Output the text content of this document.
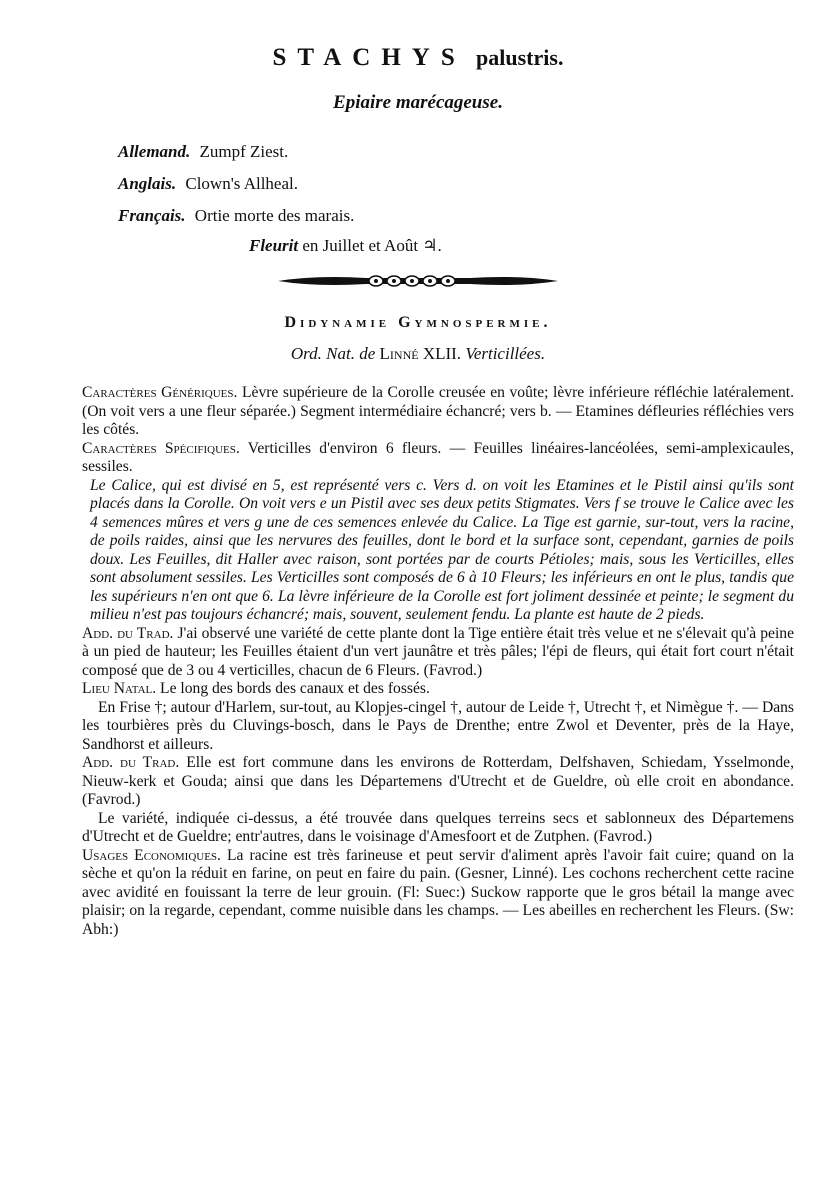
STACHYS palustris.
Epiaire marécageuse.
Allemand. Zumpf Ziest.
Anglais. Clown's Allheal.
Français. Ortie morte des marais.
Fleurit en Juillet et Août ♃.
Didynamie Gymnospermie.
Ord. Nat. de Linné XLII. Verticillées.

Caractères Génériques. Lèvre supérieure de la Corolle creusée en voûte; lèvre inférieure réfléchie latéralement. (On voit vers a une fleur séparée.) Segment intermédiaire échancré; vers b. — Etamines défleuries réfléchies vers les côtés.

Caractères Spécifiques. Verticilles d'environ 6 fleurs. — Feuilles linéaires-lancéolées, semi-amplexicaules, sessiles.

Le Calice, qui est divisé en 5, est représenté vers c. Vers d. on voit les Etamines et le Pistil ainsi qu'ils sont placés dans la Corolle. On voit vers e un Pistil avec ses deux petits Stigmates. Vers f se trouve le Calice avec les 4 semences mûres et vers g une de ces semences enlevée du Calice. La Tige est garnie, sur-tout, vers la racine, de poils raides, ainsi que les nervures des feuilles, dont le bord et la surface sont, cependant, garnies de poils doux. Les Feuilles, dit Haller avec raison, sont portées par de courts Pétioles; mais, sous les Verticilles, elles sont absolument sessiles. Les Verticilles sont composés de 6 à 10 Fleurs; les inférieurs en ont le plus, tandis que les supérieurs n'en ont que 6. La lèvre inférieure de la Corolle est fort joliment dessinée et peinte; le segment du milieu n'est pas toujours échancré; mais, souvent, seulement fendu. La plante est haute de 2 pieds.

Add. du Trad. J'ai observé une variété de cette plante dont la Tige entière était très velue et ne s'élevait qu'à peine à un pied de hauteur; les Feuilles étaient d'un vert jaunâtre et très pâles; l'épi de fleurs, qui était fort court n'était composé que de 3 ou 4 verticilles, chacun de 6 Fleurs. (Favrod.)

Lieu Natal. Le long des bords des canaux et des fossés.

En Frise †; autour d'Harlem, sur-tout, au Klopjes-cingel †, autour de Leide †, Utrecht †, et Nimègue †. — Dans les tourbières près du Cluvings-bosch, dans le Pays de Drenthe; entre Zwol et Deventer, près de la Haye, Sandhorst et ailleurs.

Add. du Trad. Elle est fort commune dans les environs de Rotterdam, Delfshaven, Schiedam, Ysselmonde, Nieuw-kerk et Gouda; ainsi que dans les Départemens d'Utrecht et de Gueldre, où elle croit en abondance. (Favrod.)

Le variété, indiquée ci-dessus, a été trouvée dans quelques terreins secs et sablonneux des Départemens d'Utrecht et de Gueldre; entr'autres, dans le voisinage d'Amesfoort et de Zutphen. (Favrod.)

Usages Economiques. La racine est très farineuse et peut servir d'aliment après l'avoir fait cuire; quand on la sèche et qu'on la réduit en farine, on peut en faire du pain. (Gesner, Linné). Les cochons recherchent cette racine avec avidité en fouissant la terre de leur grouin. (Fl: Suec:) Suckow rapporte que le gros bétail la mange avec plaisir; on la regarde, cependant, comme nuisible dans les champs. — Les abeilles en recherchent les Fleurs. (Sw: Abh:)
